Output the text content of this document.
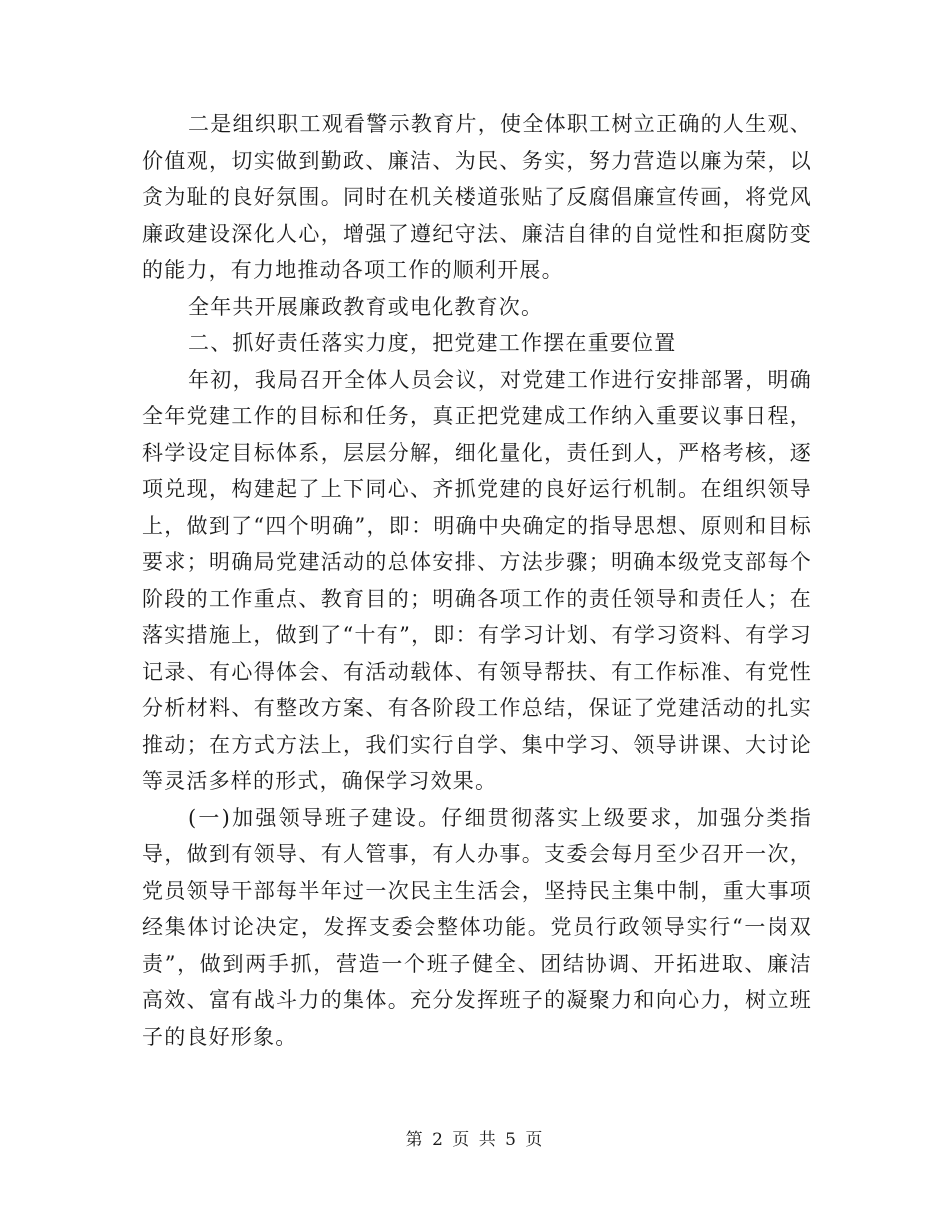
二是组织职工观看警示教育片，使全体职工树立正确的人生观、价值观，切实做到勤政、廉洁、为民、务实，努力营造以廉为荣，以贪为耻的良好氛围。同时在机关楼道张贴了反腐倡廉宣传画，将党风廉政建设深化人心，增强了遵纪守法、廉洁自律的自觉性和拒腐防变的能力，有力地推动各项工作的顺利开展。

全年共开展廉政教育或电化教育次。

二、抓好责任落实力度，把党建工作摆在重要位置

年初，我局召开全体人员会议，对党建工作进行安排部署，明确全年党建工作的目标和任务，真正把党建成工作纳入重要议事日程，科学设定目标体系，层层分解，细化量化，责任到人，严格考核，逐项兑现，构建起了上下同心、齐抓党建的良好运行机制。在组织领导上，做到了“四个明确”，即：明确中央确定的指导思想、原则和目标要求；明确局党建活动的总体安排、方法步骤；明确本级党支部每个阶段的工作重点、教育目的；明确各项工作的责任领导和责任人；在落实措施上，做到了“十有”，即：有学习计划、有学习资料、有学习记录、有心得体会、有活动载体、有领导帮扶、有工作标准、有党性分析材料、有整改方案、有各阶段工作总结，保证了党建活动的扎实推动；在方式方法上，我们实行自学、集中学习、领导讲课、大讨论等灵活多样的形式，确保学习效果。

(一)加强领导班子建设。仔细贯彻落实上级要求，加强分类指导，做到有领导、有人管事，有人办事。支委会每月至少召开一次，党员领导干部每半年过一次民主生活会，坚持民主集中制，重大事项经集体讨论决定，发挥支委会整体功能。党员行政领导实行“一岗双责”，做到两手抓，营造一个班子健全、团结协调、开拓进取、廉洁高效、富有战斗力的集体。充分发挥班子的凝聚力和向心力，树立班子的良好形象。

第 2 页 共 5 页
